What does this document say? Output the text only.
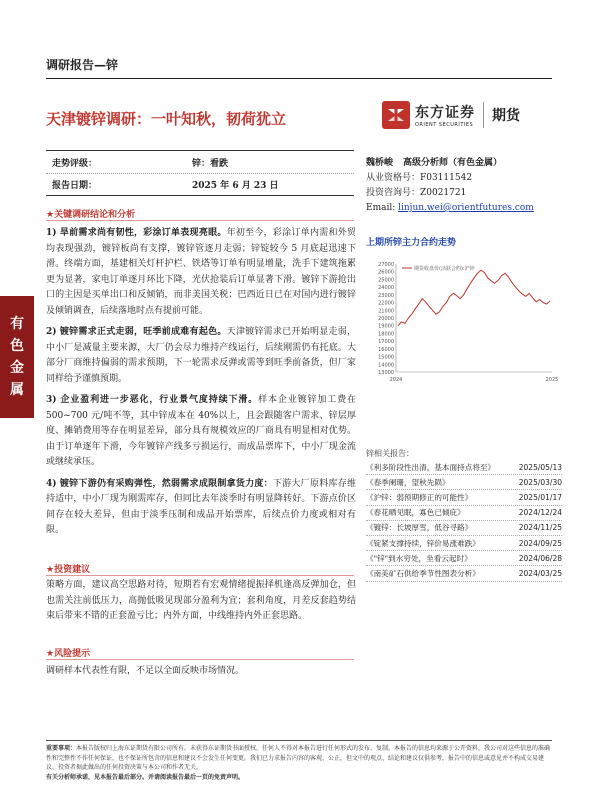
有色金属
调研报告—锌
天津镀锌调研：一叶知秋，韧荷犹立	东方证券
ORIENT SECURITIES
期货
走势评级：	锌：看跌
报告日期：	2025 年 6 月 23 日
魏桥峻 高级分析师（有色金属）
从业资格号：F03111542
投资咨询号：Z0021721
Email: linjun.wei@orientfutures.com
★关键调研结论和分析

1) 旱前需求尚有韧性，彩涂订单表现亮眼。年初至今，彩涂订单内需和外贸均表现强劲，镀锌板尚有支撑，镀锌管逐月走弱；锌锭较今 5 月底起迅速下滑。终端方面，基建相关灯杆护栏、铁塔等订单有明显增量，洗手下建筑拖累更为显著，家电订单逐月环比下降，光伏抢装后订单显著下滑。镀锌下游抢出口的主因是买单出口和反倾销，而非美国关税；巴西近日已在对国内进行镀锌及倾销调查，后续落地时点有提前可能。

2) 镀锌需求正式走弱，旺季前成难有起色。天津镀锌需求已开始明显走弱，中小厂是减量主要来源，大厂仍会尽力维持产线运行，后续刚需仍有托底。大部分厂商维持偏弱的需求预期，下一轮需求反弹或需等到旺季前备货，但厂家同样给予谨慎预期。

3) 企业盈利进一步恶化，行业景气度持续下滑。样本企业镀锌加工费在 500~700 元/吨不等，其中锌成本在 40%以上，且会跟随客户需求、锌层厚度、摊销费用等存在明显差异，部分具有规模效应的厂商具有明显相对优势。由于订单逐年下滑，今年镀锌产线多亏损运行，而成品票库下，中小厂现金流或继续承压。

4) 镀锌下游仍有采购弹性，然弱需求成限制拿货力度：下游大厂原料库存维持适中，中小厂现为刚需库存，但同比去年淡季时有明显降转好。下游点价区间存在较大差异，但由于淡季压制和成品开始票库，后续点价力度或相对有限。

★投资建议

策略方面，建议高空思路对待，短期若有宏观情绪提振择机逢高反弹加仓，但也需关注前低压力，高抛低吸见现部分盈利为宜；套利角度，月差反套趋势结束后带来不错的正套盈亏比；内外方面，中线维持内外正套思路。

★风险提示

调研样本代表性有限，不足以全面反映市场情况。

上期所锌主力合约走势
27000
26000
25000
24000
23000
22000
21000
20000
19000
18000
17000
16000
15000
14000
13000
2024	2025
期货收盘价(活跃合约):沪锌
锌相关报告：
《利多阶段性出清，基本面持点将至》	2025/05/13
《春季阑珊，望秋先陨》	2025/03/30
《沪锌：弱预期修正的可能性》	2025/01/17
《春花晒见眠，寡色已倾庇》	2024/12/24
《镀锌：长坡厚雪，低谷寻路》	2024/11/25
《锭紧支撑持续，锌价易涨难跌》	2024/09/25
《"锌"到水穷处，坐看云起时》	2024/06/28
《南美矿石供给季节性图表分析》	2024/03/25
重要事项：本报告版权归上海东证期货有限公司所有。未获得东证期货书面授权，任何人不得对本报告进行任何形式的发布、复制。本报告的信息均来源于公开资料，我公司对这些信息的准确性和完整性不作任何保证，也不保证所包含的信息和建议不会发生任何变更。我们已力求报告内容的客观、公正，但文中的观点、结论和建议仅供参考，报告中的信息或意见并不构成交易建议，投资者据此做出的任何投资决策与本公司和作者无关。
有关分析师承诺，见本报告最后部分。并请阅读报告最后一页的免责声明。
